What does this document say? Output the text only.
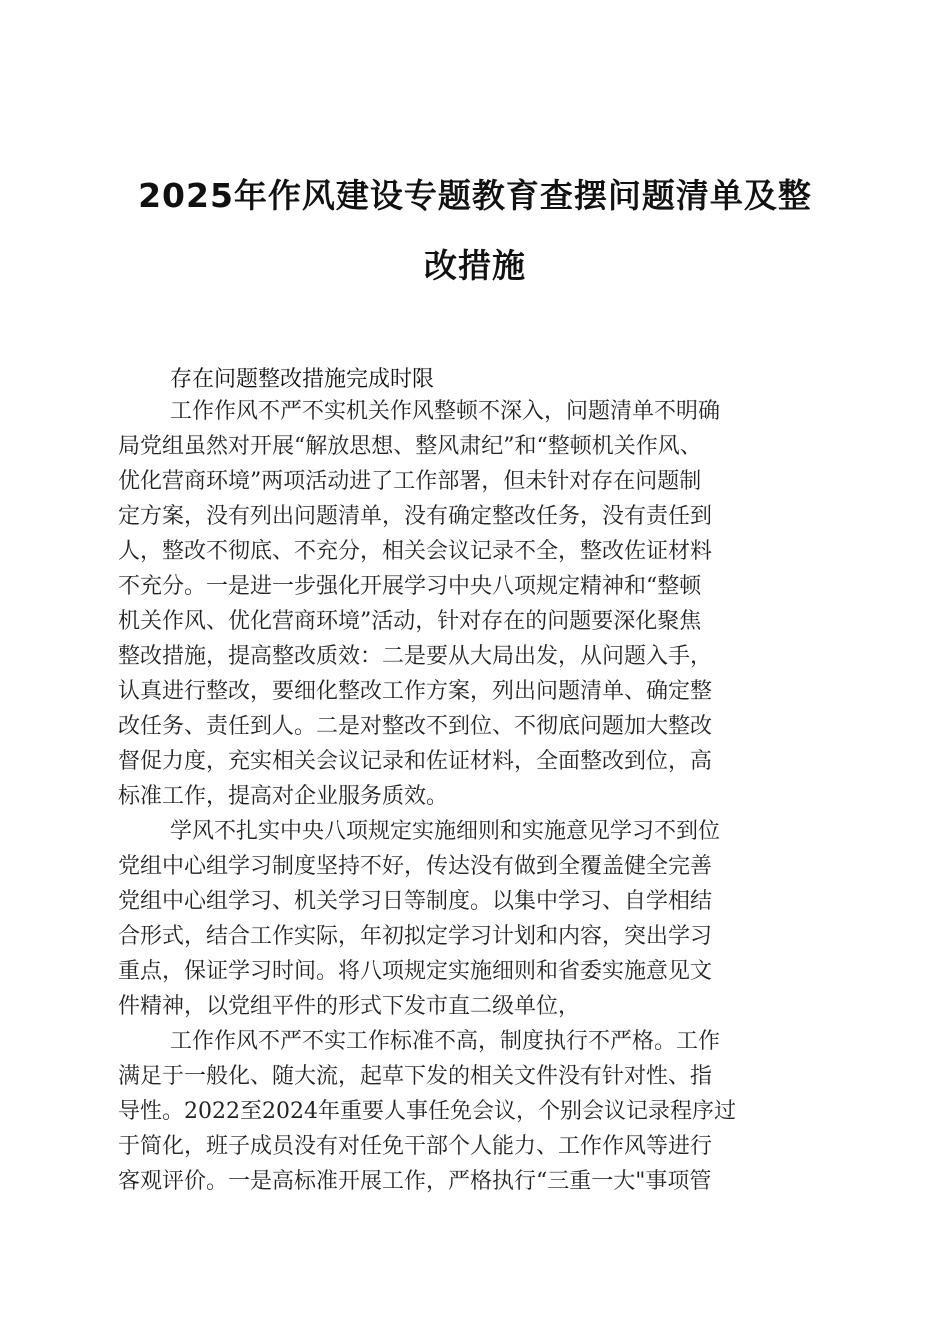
2025年作风建设专题教育查摆问题清单及整
改措施
存在问题整改措施完成时限
工作作风不严不实机关作风整顿不深入，问题清单不明确
局党组虽然对开展“解放思想、整风肃纪”和“整顿机关作风、
优化营商环境”两项活动进了工作部署，但未针对存在问题制
定方案，没有列出问题清单，没有确定整改任务，没有责任到
人，整改不彻底、不充分，相关会议记录不全，整改佐证材料
不充分。一是进一步强化开展学习中央八项规定精神和“整顿
机关作风、优化营商环境”活动，针对存在的问题要深化聚焦
整改措施，提高整改质效：二是要从大局出发，从问题入手，
认真进行整改，要细化整改工作方案，列出问题清单、确定整
改任务、责任到人。二是对整改不到位、不彻底问题加大整改
督促力度，充实相关会议记录和佐证材料，全面整改到位，高
标准工作，提高对企业服务质效。
学风不扎实中央八项规定实施细则和实施意见学习不到位
党组中心组学习制度坚持不好，传达没有做到全覆盖健全完善
党组中心组学习、机关学习日等制度。以集中学习、自学相结
合形式，结合工作实际，年初拟定学习计划和内容，突出学习
重点，保证学习时间。将八项规定实施细则和省委实施意见文
件精神，以党组平件的形式下发市直二级单位，
工作作风不严不实工作标准不高，制度执行不严格。工作
满足于一般化、随大流，起草下发的相关文件没有针对性、指
导性。2022至2024年重要人事任免会议，个别会议记录程序过
于简化，班子成员没有对任免干部个人能力、工作作风等进行
客观评价。一是高标准开展工作，严格执行“三重一大"事项管
